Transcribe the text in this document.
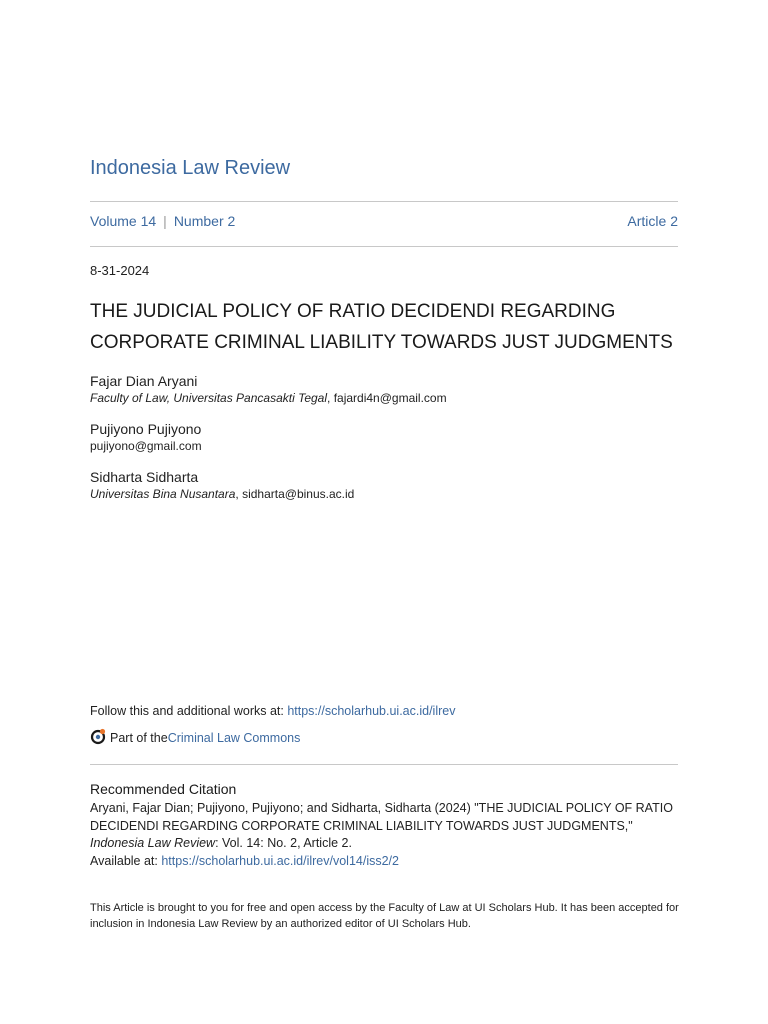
Indonesia Law Review
Volume 14 | Number 2	Article 2
8-31-2024
THE JUDICIAL POLICY OF RATIO DECIDENDI REGARDING CORPORATE CRIMINAL LIABILITY TOWARDS JUST JUDGMENTS
Fajar Dian Aryani
Faculty of Law, Universitas Pancasakti Tegal, fajardi4n@gmail.com
Pujiyono Pujiyono
pujiyono@gmail.com
Sidharta Sidharta
Universitas Bina Nusantara, sidharta@binus.ac.id
Follow this and additional works at: https://scholarhub.ui.ac.id/ilrev
Part of the Criminal Law Commons
Recommended Citation
Aryani, Fajar Dian; Pujiyono, Pujiyono; and Sidharta, Sidharta (2024) "THE JUDICIAL POLICY OF RATIO DECIDENDI REGARDING CORPORATE CRIMINAL LIABILITY TOWARDS JUST JUDGMENTS," Indonesia Law Review: Vol. 14: No. 2, Article 2.
Available at: https://scholarhub.ui.ac.id/ilrev/vol14/iss2/2
This Article is brought to you for free and open access by the Faculty of Law at UI Scholars Hub. It has been accepted for inclusion in Indonesia Law Review by an authorized editor of UI Scholars Hub.
